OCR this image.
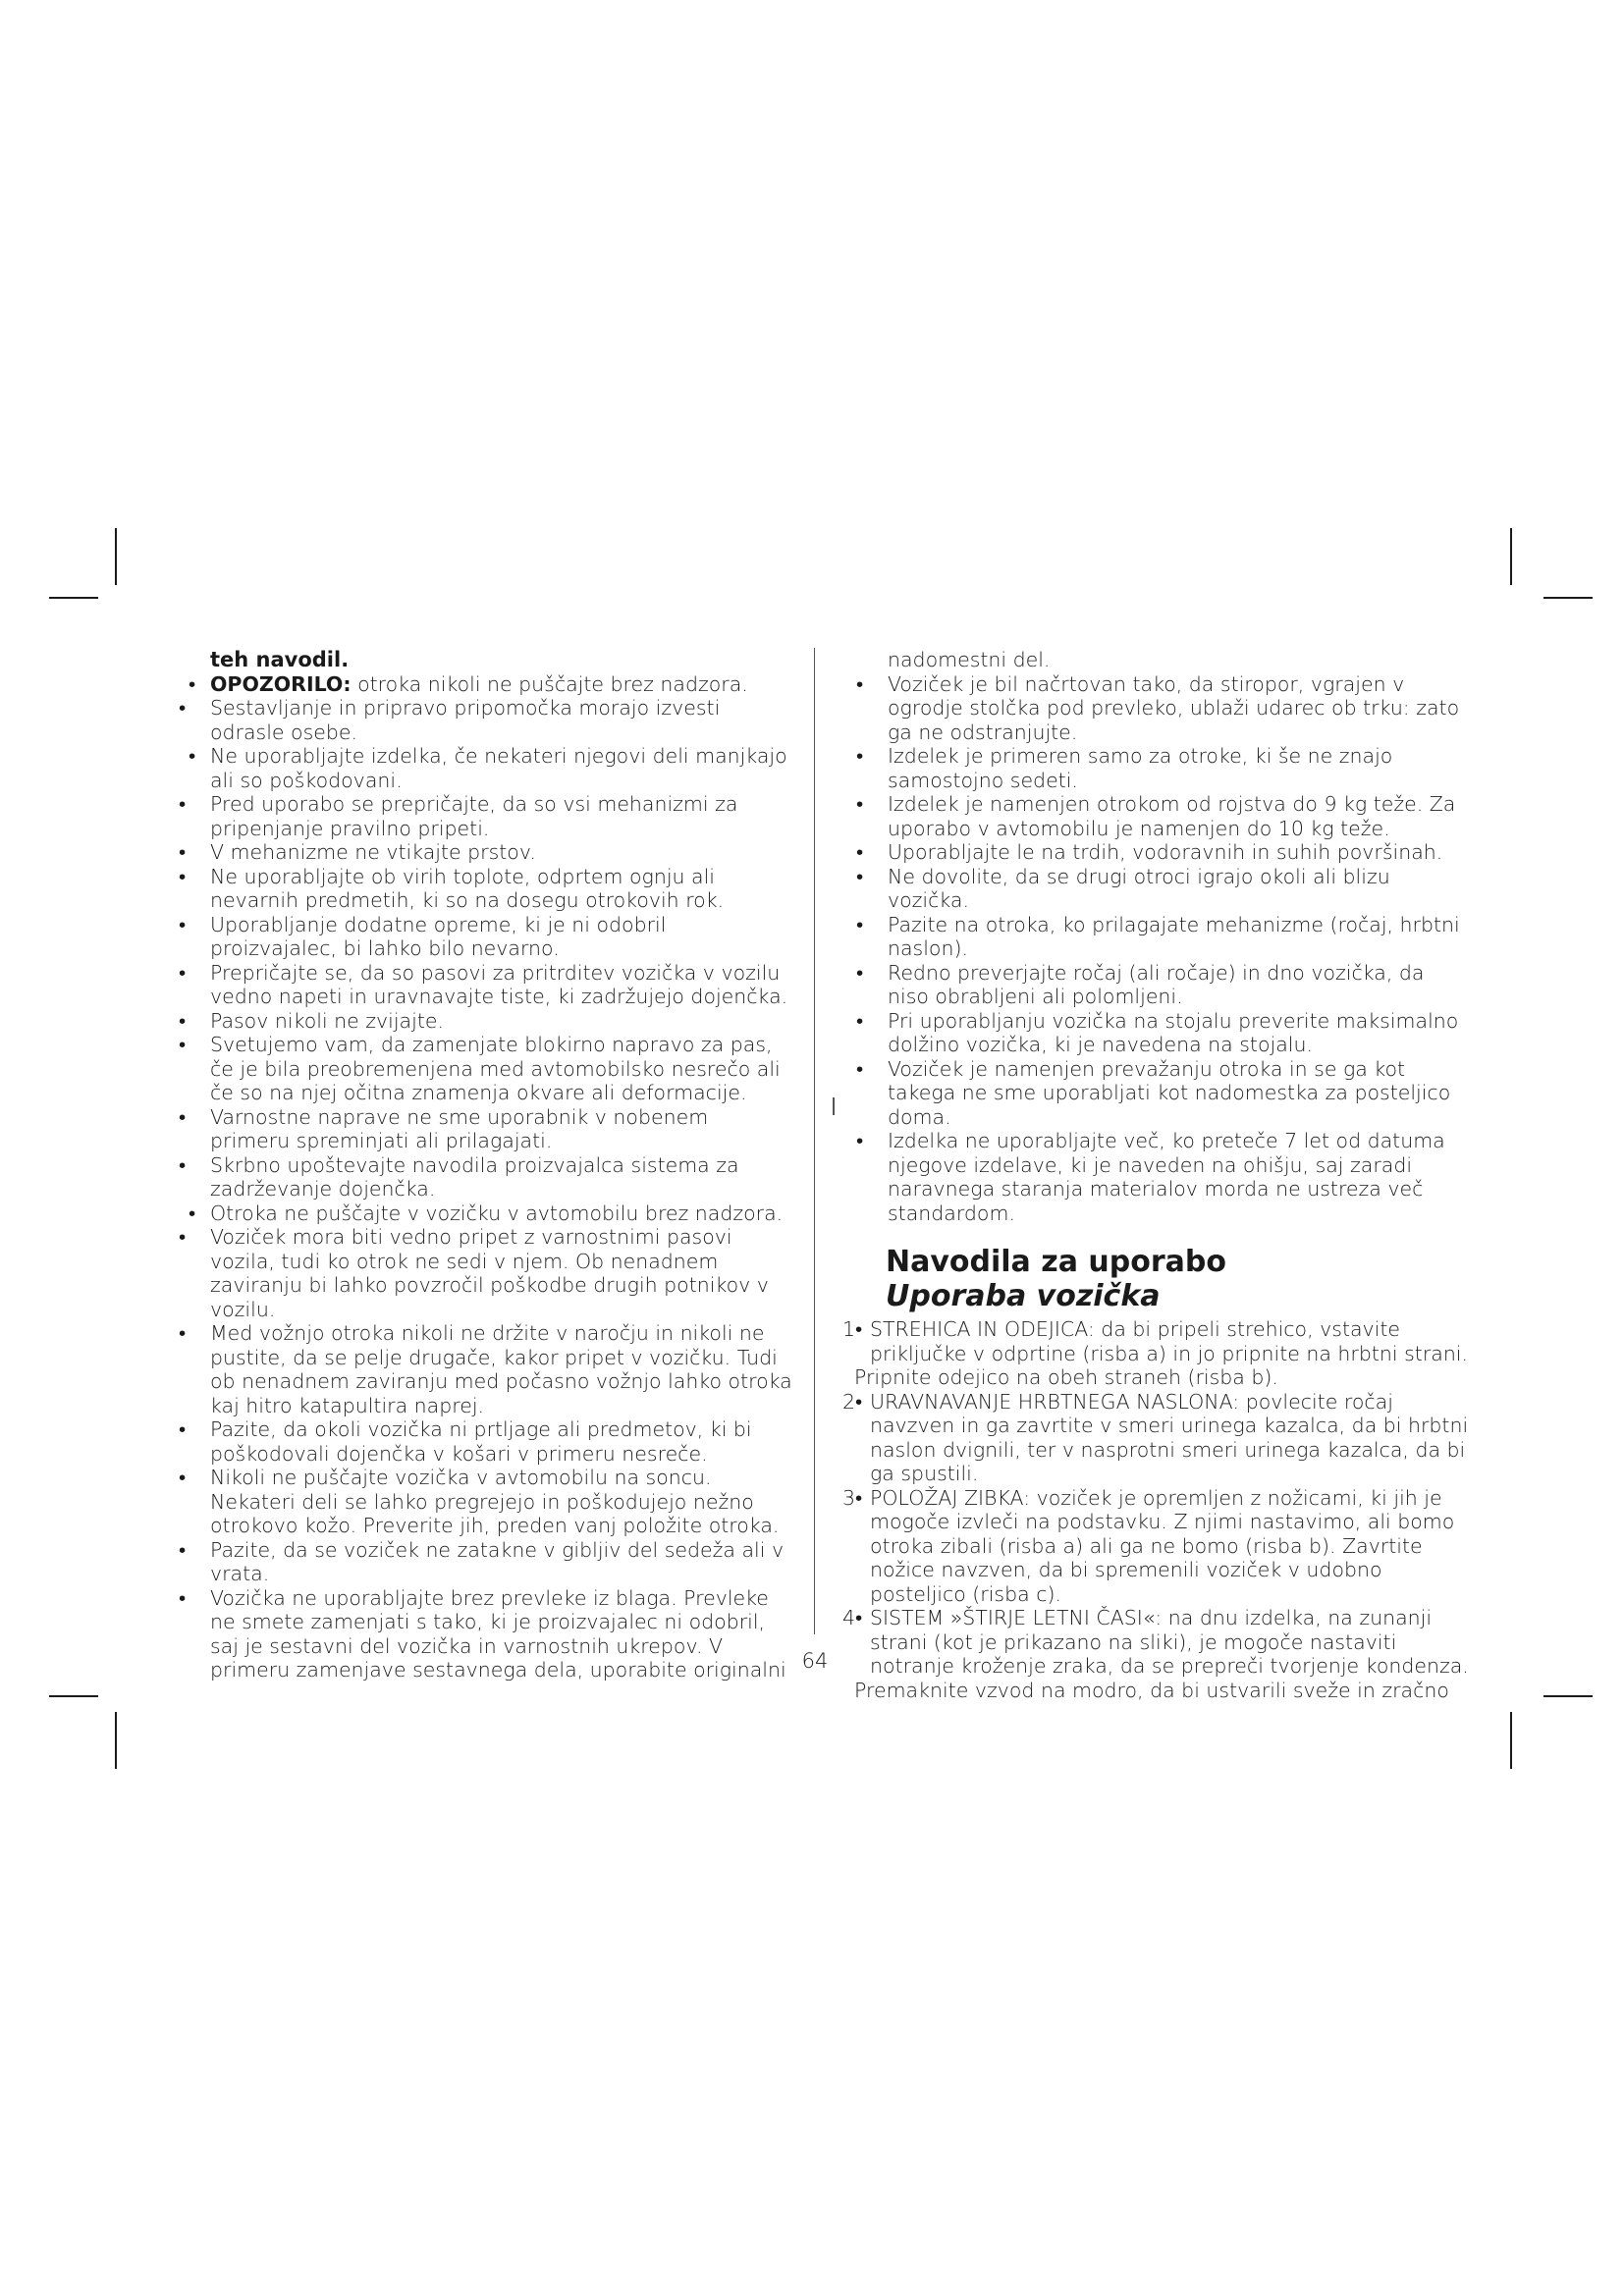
teh navodil.
• OPOZORILO: otroka nikoli ne puščajte brez nadzora.
• Sestavljanje in pripravo pripomočka morajo izvesti odrasle osebe.
• Ne uporabljajte izdelka, če nekateri njegovi deli manjkajo ali so poškodovani.
• Pred uporabo se prepričajte, da so vsi mehanizmi za pripenjanje pravilno pripeti.
• V mehanizme ne vtikajte prstov.
• Ne uporabljajte ob virih toplote, odprtem ognju ali nevarnih predmetih, ki so na dosegu otrokovih rok.
• Uporabljanje dodatne opreme, ki je ni odobril proizvajalec, bi lahko bilo nevarno.
• Prepričajte se, da so pasovi za pritrditev vozička v vozilu vedno napeti in uravnavajte tiste, ki zadržujejo dojenčka.
• Pasov nikoli ne zvijajte.
• Svetujemo vam, da zamenjate blokirno napravo za pas, če je bila preobremenjena med avtomobilsko nesrečo ali če so na njej očitna znamenja okvare ali deformacije.
• Varnostne naprave ne sme uporabnik v nobenem primeru spreminjati ali prilagajati.
• Skrbno upoštevajte navodila proizvajalca sistema za zadrževanje dojenčka.
• Otroka ne puščajte v vozičku v avtomobilu brez nadzora.
• Voziček mora biti vedno pripet z varnostnimi pasovi vozila, tudi ko otrok ne sedi v njem. Ob nenadnem zaviranju bi lahko povzročil poškodbe drugih potnikov v vozilu.
• Med vožnjo otroka nikoli ne držite v naročju in nikoli ne pustite, da se pelje drugače, kakor pripet v vozičku. Tudi ob nenadnem zaviranju med počasno vožnjo lahko otroka kaj hitro katapultira naprej.
• Pazite, da okoli vozička ni prtljage ali predmetov, ki bi poškodovali dojenčka v košari v primeru nesreče.
• Nikoli ne puščajte vozička v avtomobilu na soncu. Nekateri deli se lahko pregrejejo in poškodujejo nežno otrokovo kožo. Preverite jih, preden vanj položite otroka.
• Pazite, da se voziček ne zatakne v gibljiv del sedeža ali v vrata.
• Vozička ne uporabljajte brez prevleke iz blaga. Prevleke ne smete zamenjati s tako, ki je proizvajalec ni odobril, saj je sestavni del vozička in varnostnih ukrepov. V primeru zamenjave sestavnega dela, uporabite originalni
nadomestni del.
• Voziček je bil načrtovan tako, da stiropor, vgrajen v ogrodje stolčka pod prevleko, ublaži udarec ob trku: zato ga ne odstranjujte.
• Izdelek je primeren samo za otroke, ki še ne znajo samostojno sedeti.
• Izdelek je namenjen otrokom od rojstva do 9 kg teže. Za uporabo v avtomobilu je namenjen do 10 kg teže.
• Uporabljajte le na trdih, vodoravnih in suhih površinah.
• Ne dovolite, da se drugi otroci igrajo okoli ali blizu vozička.
• Pazite na otroka, ko prilagajate mehanizme (ročaj, hrbtni naslon).
• Redno preverjajte ročaj (ali ročaje) in dno vozička, da niso obrabljeni ali polomljeni.
• Pri uporabljanju vozička na stojalu preverite maksimalno dolžino vozička, ki je navedena na stojalu.
• Voziček je namenjen prevažanju otroka in se ga kot takega ne sme uporabljati kot nadomestka za posteljico doma.
• Izdelka ne uporabljajte več, ko preteče 7 let od datuma njegove izdelave, ki je naveden na ohišju, saj zaradi naravnega staranja materialov morda ne ustreza več standardom.
Navodila za uporabo
Uporaba vozička
1• STREHICA IN ODEJICA: da bi pripeli strehico, vstavite priključke v odprtine (risba a) in jo pripnite na hrbtni strani.
Pripnite odejico na obeh straneh (risba b).
2• URAVNAVANJE HRBTNEGA NASLONA: povlecite ročaj navzven in ga zavrtite v smeri urinega kazalca, da bi hrbtni naslon dvignili, ter v nasprotni smeri urinega kazalca, da bi ga spustili.
3• POLOŽAJ ZIBKA: voziček je opremljen z nožicami, ki jih je mogoče izvleči na podstavku. Z njimi nastavimo, ali bomo otroka zibali (risba a) ali ga ne bomo (risba b). Zavrtite nožice navzven, da bi spremenili voziček v udobno posteljico (risba c).
4• SISTEM »ŠTIRJE LETNI ČASI«: na dnu izdelka, na zunanji strani (kot je prikazano na sliki), je mogoče nastaviti notranje kroženje zraka, da se prepreči tvorjenje kondenza.
Premaknite vzvod na modro, da bi ustvarili sveže in zračno
64
